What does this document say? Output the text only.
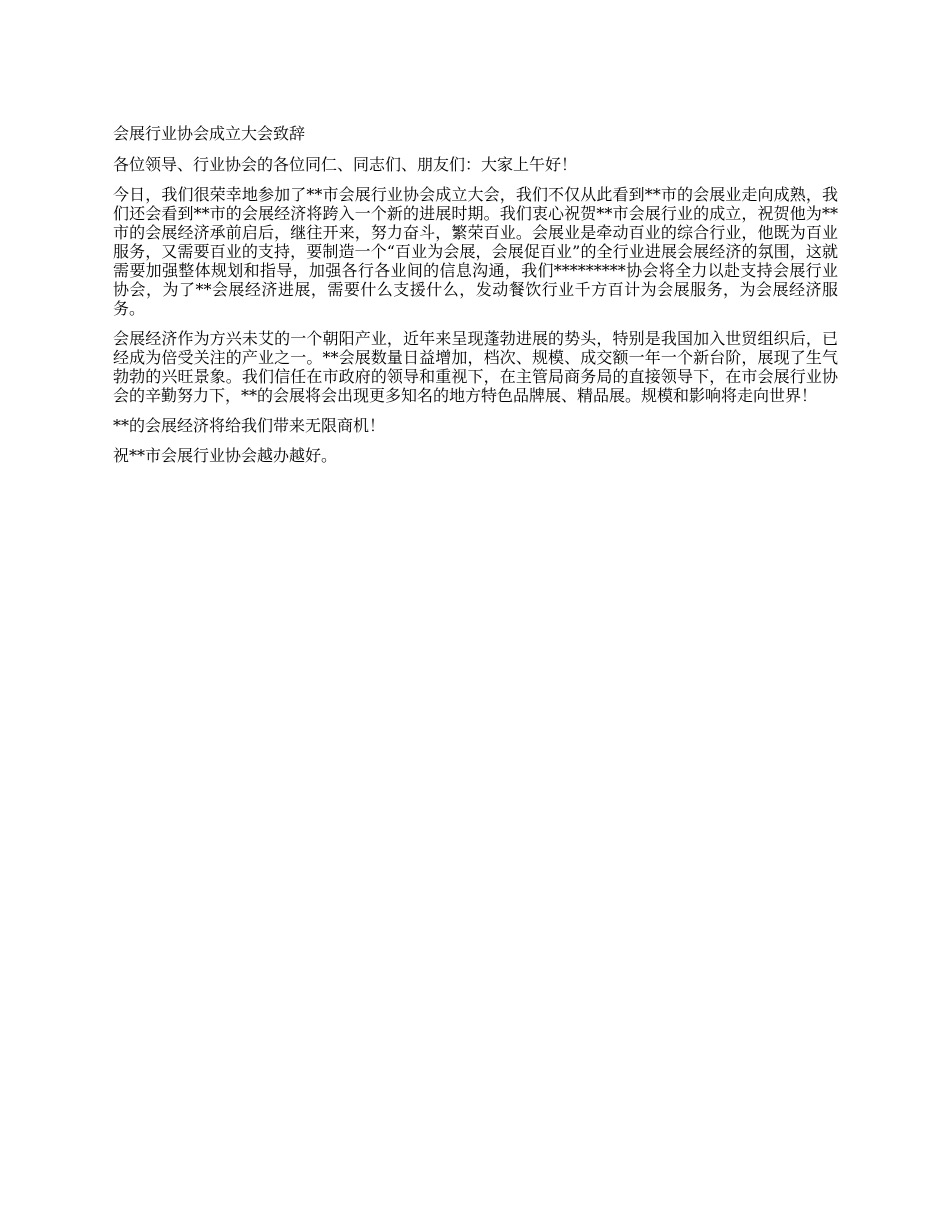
会展行业协会成立大会致辞

各位领导、行业协会的各位同仁、同志们、朋友们：大家上午好！

今日，我们很荣幸地参加了**市会展行业协会成立大会，我们不仅从此看到**市的会展业走向成熟，我们还会看到**市的会展经济将跨入一个新的进展时期。我们衷心祝贺**市会展行业的成立，祝贺他为**市的会展经济承前启后，继往开来，努力奋斗，繁荣百业。会展业是牵动百业的综合行业，他既为百业服务，又需要百业的支持，要制造一个“百业为会展，会展促百业”的全行业进展会展经济的氛围，这就需要加强整体规划和指导，加强各行各业间的信息沟通，我们*********协会将全力以赴支持会展行业协会，为了**会展经济进展，需要什么支援什么，发动餐饮行业千方百计为会展服务，为会展经济服务。

会展经济作为方兴未艾的一个朝阳产业，近年来呈现蓬勃进展的势头，特别是我国加入世贸组织后，已经成为倍受关注的产业之一。**会展数量日益增加，档次、规模、成交额一年一个新台阶，展现了生气勃勃的兴旺景象。我们信任在市政府的领导和重视下，在主管局商务局的直接领导下，在市会展行业协会的辛勤努力下，**的会展将会出现更多知名的地方特色品牌展、精品展。规模和影响将走向世界！

**的会展经济将给我们带来无限商机！

祝**市会展行业协会越办越好。
